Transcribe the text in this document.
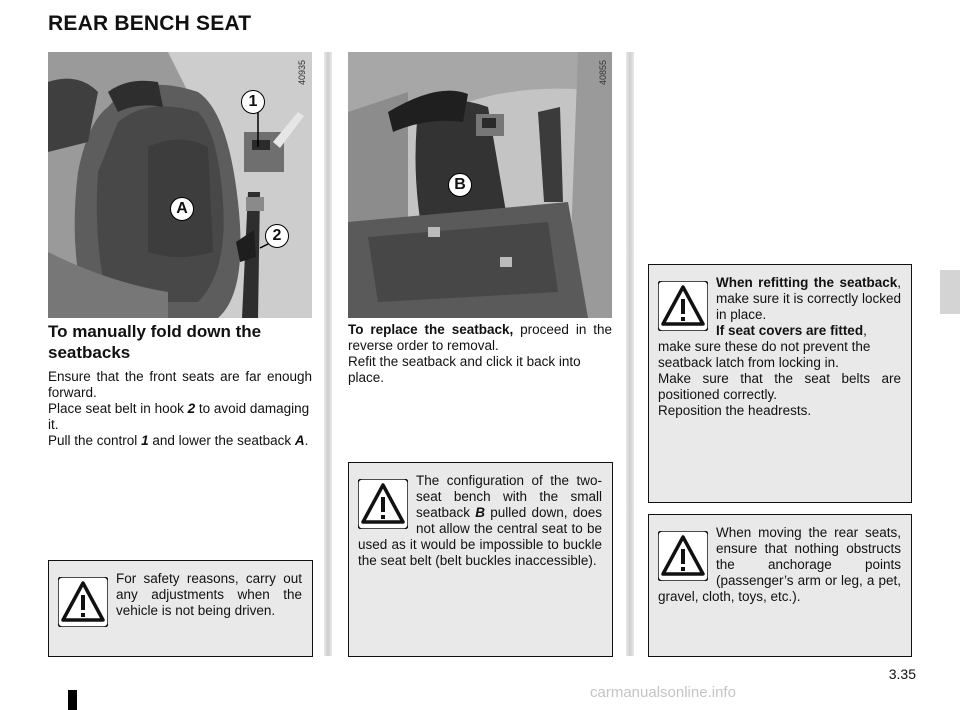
REAR BENCH SEAT
40935
1
A
2
40855
B
To manually fold down the seatbacks

Ensure that the front seats are far enough forward.

Place seat belt in hook 2 to avoid damaging it.

Pull the control 1 and lower the seatback A.

To replace the seatback, proceed in the reverse order to removal.

Refit the seatback and click it back into place.

For safety reasons, carry out any adjustments when the vehicle is not being driven.

The configuration of the two-seat bench with the small seatback B pulled down, does not allow the central seat to be used as it would be impossible to buckle the seat belt (belt buckles inaccessible).

When refitting the seatback, make sure it is correctly locked in place.

If seat covers are fitted, make sure these do not prevent the seatback latch from locking in.

Make sure that the seat belts are positioned correctly.

Reposition the headrests.

When moving the rear seats, ensure that nothing obstructs the anchorage points (passenger’s arm or leg, a pet, gravel, cloth, toys, etc.).

3.35
carmanualsonline.info
